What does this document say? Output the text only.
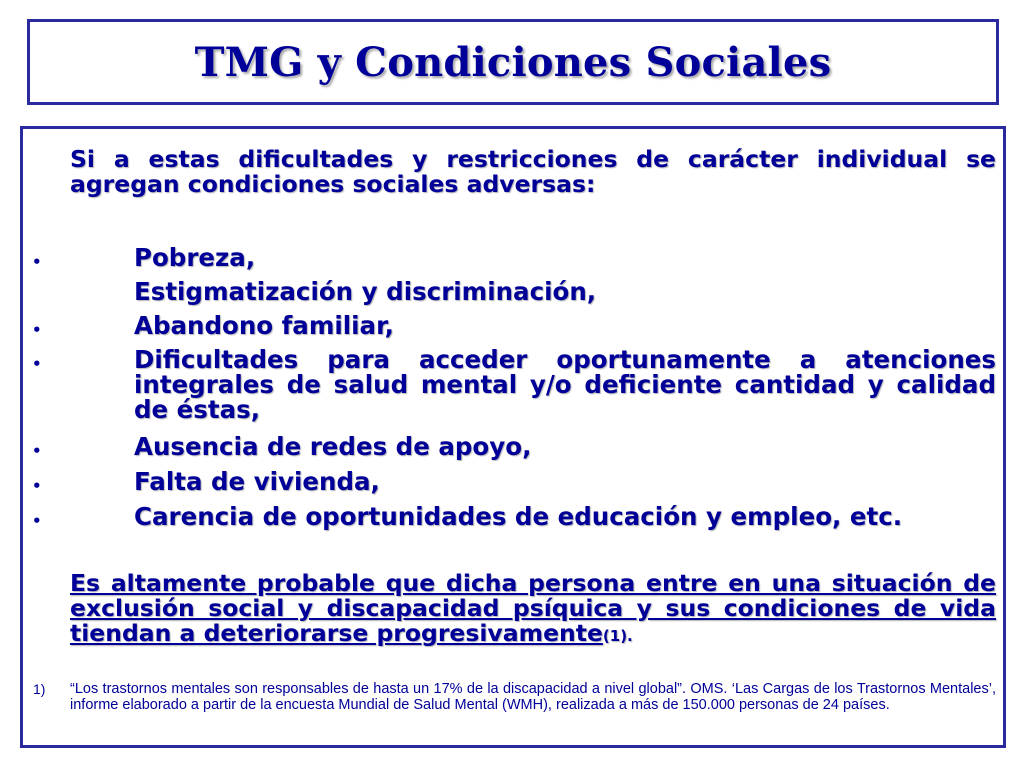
TMG y Condiciones Sociales
Si a estas dificultades y restricciones de carácter individual se agregan condiciones sociales adversas:
•	Pobreza,
Estigmatización y discriminación,
•	Abandono familiar,
•	Dificultades para acceder oportunamente a atenciones integrales de salud mental y/o deficiente cantidad y calidad de éstas,
•	Ausencia de redes de apoyo,
•	Falta de vivienda,
•	Carencia de oportunidades de educación y empleo, etc.
Es altamente probable que dicha persona entre en una situación de exclusión social y discapacidad psíquica y sus condiciones de vida tiendan a deteriorarse progresivamente(1).
1) “Los trastornos mentales son responsables de hasta un 17% de la discapacidad a nivel global”. OMS. ‘Las Cargas de los Trastornos Mentales’, informe elaborado a partir de la encuesta Mundial de Salud Mental (WMH), realizada a más de 150.000 personas de 24 países.
